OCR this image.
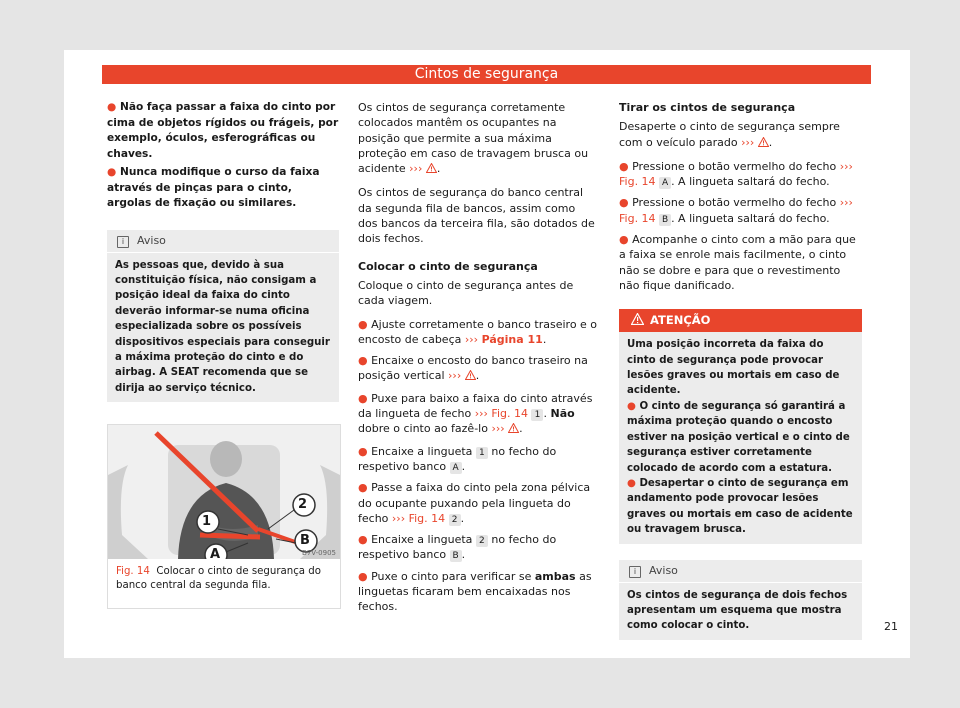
Cintos de segurança

● Não faça passar a faixa do cinto por cima de objetos rígidos ou frágeis, por exemplo, óculos, esferográficas ou chaves.

● Nunca modifique o curso da faixa através de pinças para o cinto, argolas de fixação ou similares.

i Aviso
As pessoas que, devido à sua constituição física, não consigam a posição ideal da faixa do cinto deverão informar-se numa oficina especializada sobre os possíveis dispositivos especiais para conseguir a máxima proteção do cinto e do airbag. A SEAT recomenda que se dirija ao serviço técnico.

1
2
A
B
B7V-0905
Fig. 14 Colocar o cinto de segurança do banco central da segunda fila.

Os cintos de segurança corretamente colocados mantêm os ocupantes na posição que permite a sua máxima proteção em caso de travagem brusca ou acidente ››› .

Os cintos de segurança do banco central da segunda fila de bancos, assim como dos bancos da terceira fila, são dotados de dois fechos.

Colocar o cinto de segurança

Coloque o cinto de segurança antes de cada viagem.

● Ajuste corretamente o banco traseiro e o encosto de cabeça ››› Página 11.

● Encaixe o encosto do banco traseiro na posição vertical ››› .

● Puxe para baixo a faixa do cinto através da lingueta de fecho ››› Fig. 14 1 . Não dobre o cinto ao fazê-lo ››› .

● Encaixe a lingueta 1 no fecho do respetivo banco A .

● Passe a faixa do cinto pela zona pélvica do ocupante puxando pela lingueta do fecho ››› Fig. 14 2 .

● Encaixe a lingueta 2 no fecho do respetivo banco B .

● Puxe o cinto para verificar se ambas as linguetas ficaram bem encaixadas nos fechos.

Tirar os cintos de segurança

Desaperte o cinto de segurança sempre com o veículo parado ››› .

● Pressione o botão vermelho do fecho ››› Fig. 14 A . A lingueta saltará do fecho.

● Pressione o botão vermelho do fecho ››› Fig. 14 B . A lingueta saltará do fecho.

● Acompanhe o cinto com a mão para que a faixa se enrole mais facilmente, o cinto não se dobre e para que o revestimento não fique danificado.

ATENÇÃO

Uma posição incorreta da faixa do cinto de segurança pode provocar lesões graves ou mortais em caso de acidente.

● O cinto de segurança só garantirá a máxima proteção quando o encosto estiver na posição vertical e o cinto de segurança estiver corretamente colocado de acordo com a estatura.

● Desapertar o cinto de segurança em andamento pode provocar lesões graves ou mortais em caso de acidente ou travagem brusca.

i Aviso
Os cintos de segurança de dois fechos apresentam um esquema que mostra como colocar o cinto.	21
